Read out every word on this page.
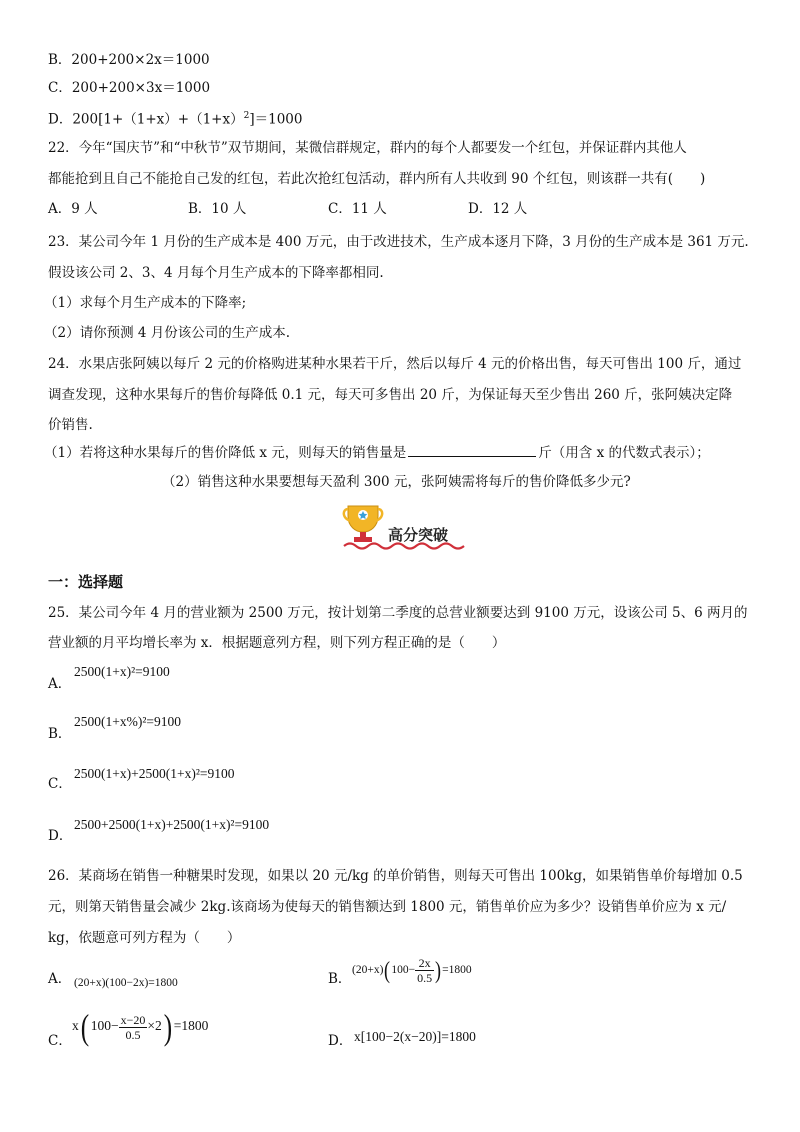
B．200+200×2x＝1000
C．200+200×3x＝1000
D．$200[1+(1+x)+(1+x)^2]=1000$
22．今年“国庆节”和“中秋节”双节期间，某微信群规定，群内的每个人都要发一个红包，并保证群内其他人
都能抢到且自己不能抢自己发的红包，若此次抢红包活动，群内所有人共收到 90 个红包，则该群一共有(　　)
A．9 人	B．10 人	C．11 人	D．12 人
23．某公司今年 1 月份的生产成本是 400 万元，由于改进技术，生产成本逐月下降，3 月份的生产成本是 361 万元.
假设该公司 2、3、4 月每个月生产成本的下降率都相同.
（1）求每个月生产成本的下降率;
（2）请你预测 4 月份该公司的生产成本.
24．水果店张阿姨以每斤 2 元的价格购进某种水果若干斤，然后以每斤 4 元的价格出售，每天可售出 100 斤，通过
调查发现，这种水果每斤的售价每降低 0.1 元，每天可多售出 20 斤，为保证每天至少售出 260 斤，张阿姨决定降
价销售.
（1）若将这种水果每斤的售价降低 x 元，则每天的销售量是	斤（用含 x 的代数式表示）；
（2）销售这种水果要想每天盈利 300 元，张阿姨需将每斤的售价降低多少元?
高分突破
一：选择题
25．某公司今年 4 月的营业额为 2500 万元，按计划第二季度的总营业额要达到 9100 万元，设该公司 5、6 两月的
营业额的月平均增长率为 x．根据题意列方程，则下列方程正确的是（　　）
A．
2500(1+x)²=9100
B．
2500(1+x%)²=9100
C．
2500(1+x)+2500(1+x)²=9100
D．
2500+2500(1+x)+2500(1+x)²=9100
26．某商场在销售一种糖果时发现，如果以 20 元/kg 的单价销售，则每天可售出 100kg，如果销售单价每增加 0.5
元，则第天销售量会减少 2kg.该商场为使每天的销售额达到 1800 元，销售单价应为多少？设销售单价应为 x 元/
kg，依题意可列方程为（　　）
A． (20+x)(100−2x)=1800	B．
$(20+x)(100- \frac{2x}{0.5} )=1800$
C．
x( $100- \frac{x-20}{0.5} \times 2) =1800$
D． x[100−2(x−20)]=1800
